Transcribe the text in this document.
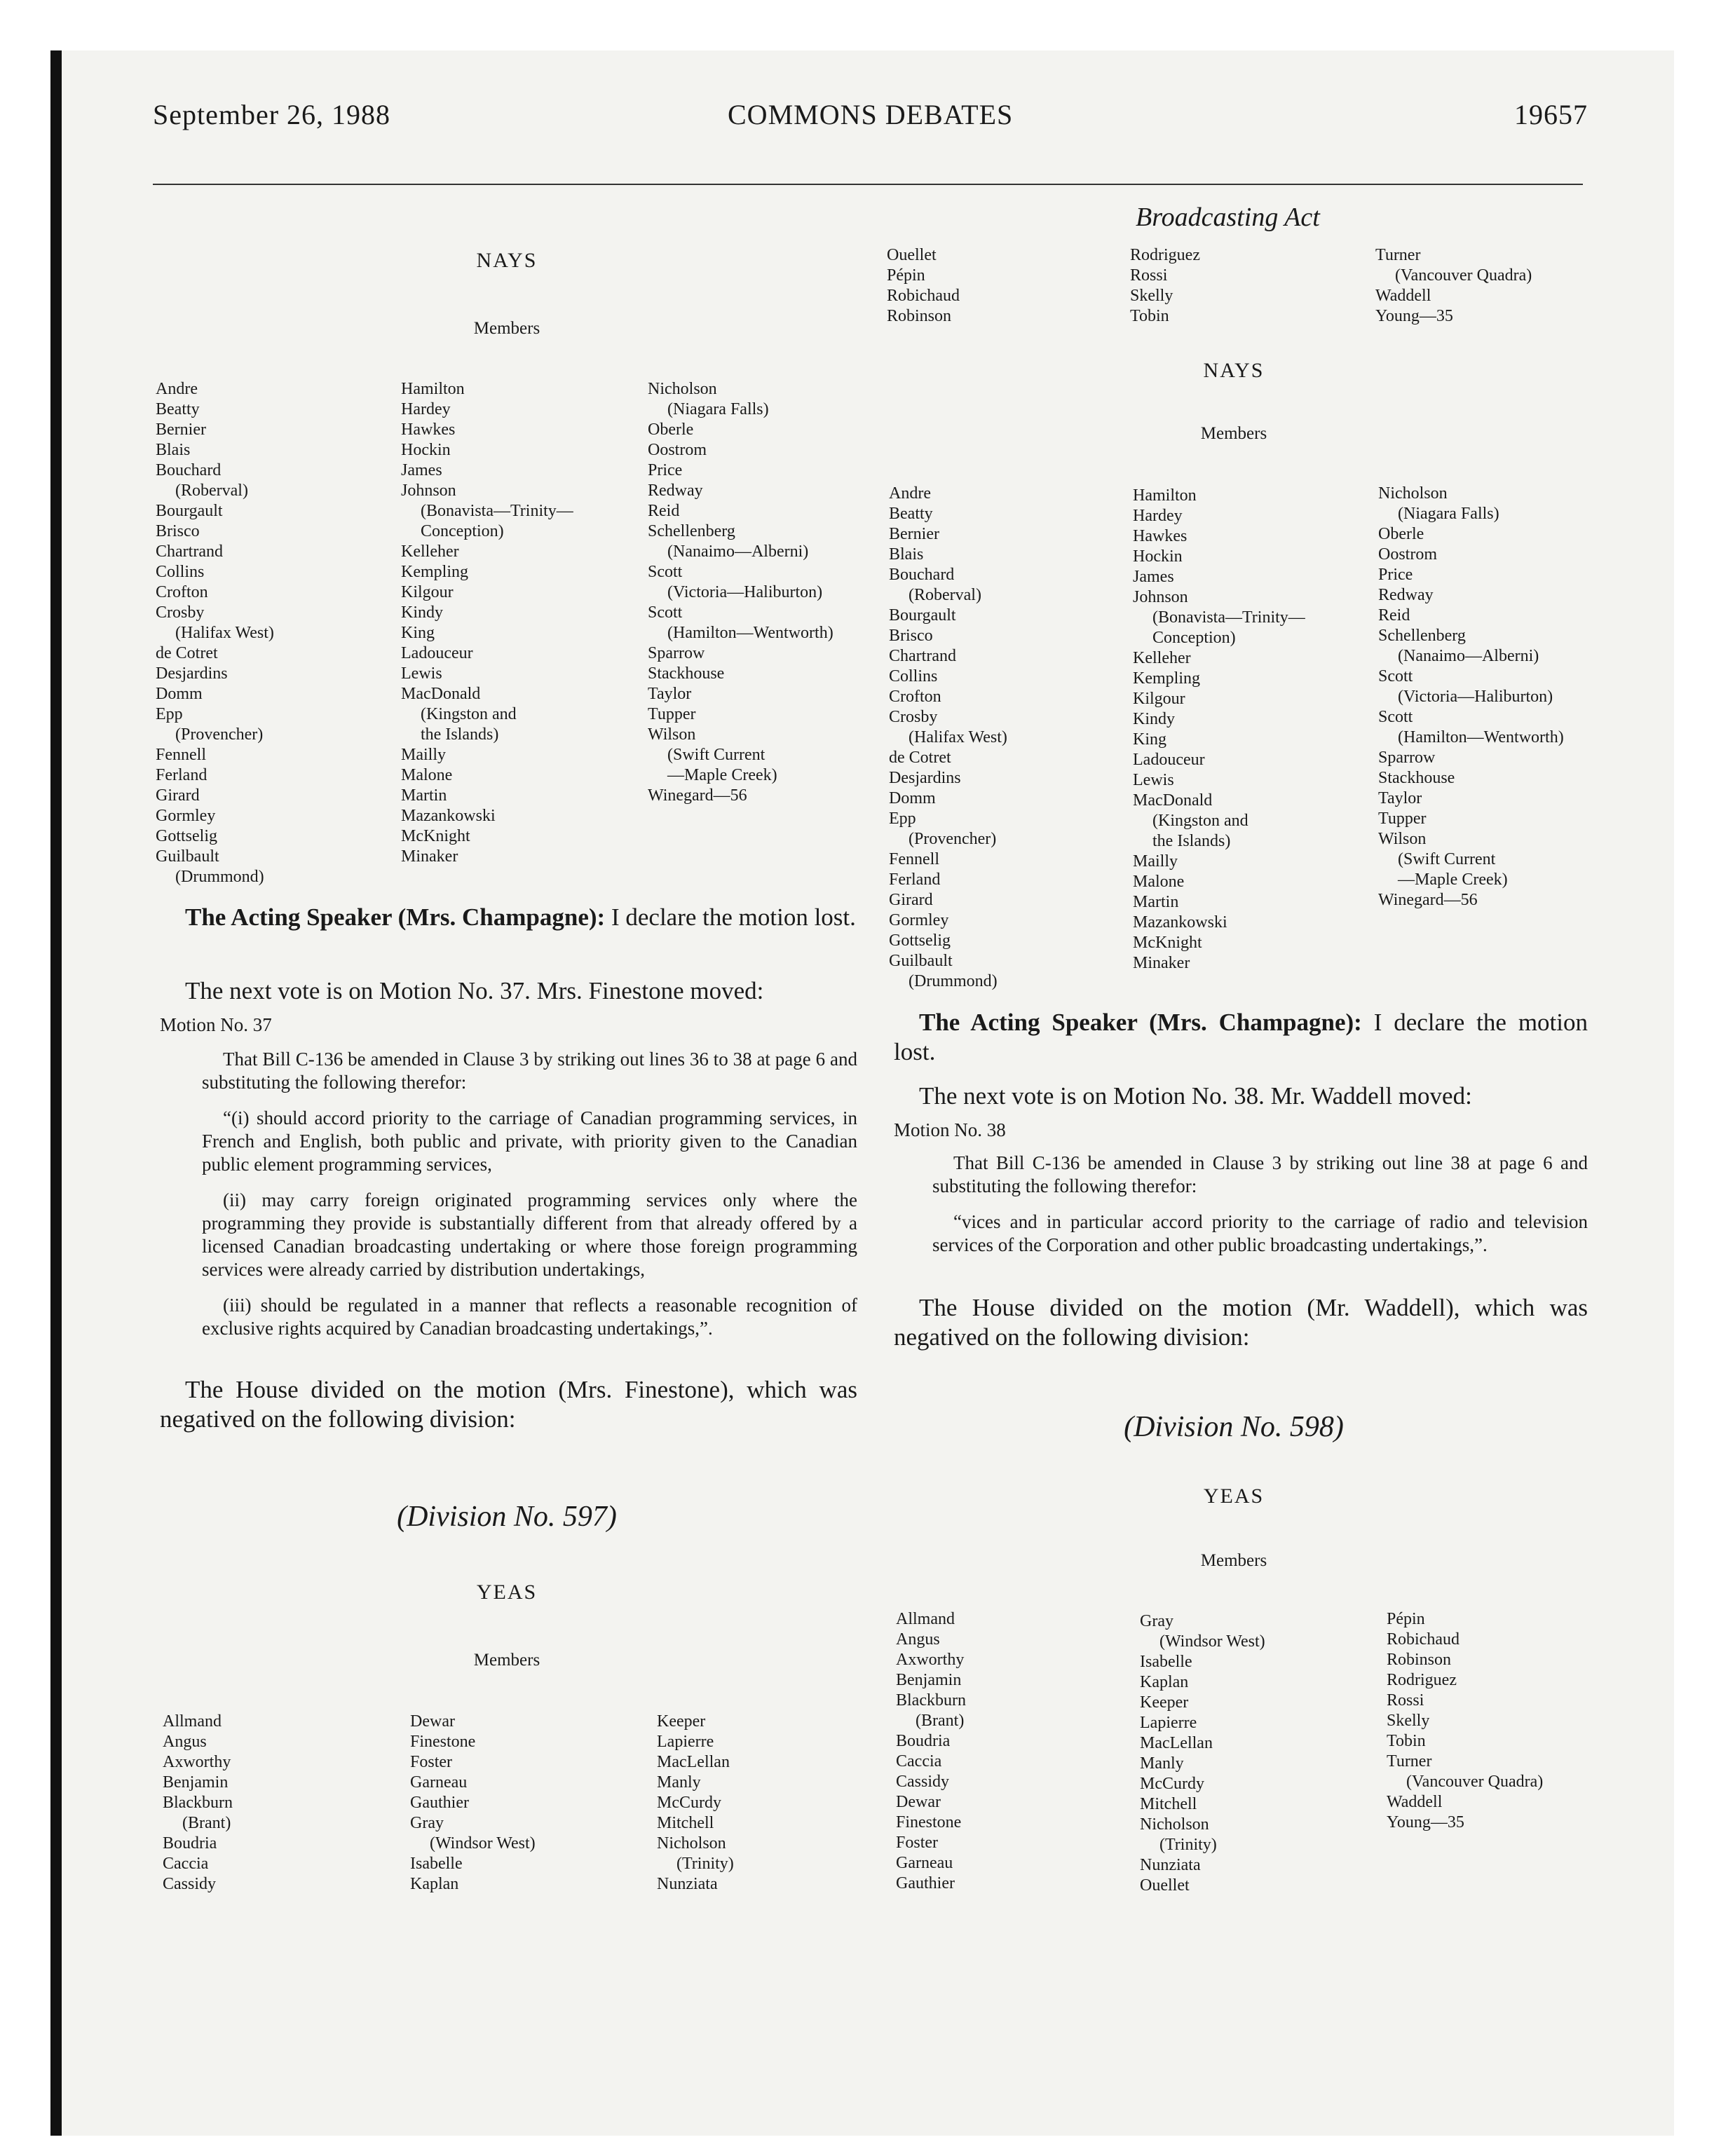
September 26, 1988	COMMONS DEBATES	19657
Broadcasting Act
NAYS
Members
Andre
Beatty
Bernier
Blais
Bouchard
(Roberval)
Bourgault
Brisco
Chartrand
Collins
Crofton
Crosby
(Halifax West)
de Cotret
Desjardins
Domm
Epp
(Provencher)
Fennell
Ferland
Girard
Gormley
Gottselig
Guilbault
(Drummond)
Hamilton
Hardey
Hawkes
Hockin
James
Johnson
(Bonavista—Trinity—
Conception)
Kelleher
Kempling
Kilgour
Kindy
King
Ladouceur
Lewis
MacDonald
(Kingston and
the Islands)
Mailly
Malone
Martin
Mazankowski
McKnight
Minaker
Nicholson
(Niagara Falls)
Oberle
Oostrom
Price
Redway
Reid
Schellenberg
(Nanaimo—Alberni)
Scott
(Victoria—Haliburton)
Scott
(Hamilton—Wentworth)
Sparrow
Stackhouse
Taylor
Tupper
Wilson
(Swift Current
—Maple Creek)
Winegard—56
The Acting Speaker (Mrs. Champagne): I declare the motion lost.
The next vote is on Motion No. 37. Mrs. Finestone moved:
Motion No. 37

That Bill C-136 be amended in Clause 3 by striking out lines 36 to 38 at page 6 and substituting the following therefor:

“(i) should accord priority to the carriage of Canadian programming services, in French and English, both public and private, with priority given to the Canadian public element programming services,

(ii) may carry foreign originated programming services only where the programming they provide is substantially different from that already offered by a licensed Canadian broadcasting undertaking or where those foreign programming services were already carried by distribution undertakings,

(iii) should be regulated in a manner that reflects a reasonable recognition of exclusive rights acquired by Canadian broadcasting undertakings,”.

The House divided on the motion (Mrs. Finestone), which was negatived on the following division:
(Division No. 597)
YEAS
Members
Allmand
Angus
Axworthy
Benjamin
Blackburn
(Brant)
Boudria
Caccia
Cassidy
Dewar
Finestone
Foster
Garneau
Gauthier
Gray
(Windsor West)
Isabelle
Kaplan
Keeper
Lapierre
MacLellan
Manly
McCurdy
Mitchell
Nicholson
(Trinity)
Nunziata
Ouellet
Pépin
Robichaud
Robinson
Rodriguez
Rossi
Skelly
Tobin
Turner
(Vancouver Quadra)
Waddell
Young—35
NAYS
Members
Andre
Beatty
Bernier
Blais
Bouchard
(Roberval)
Bourgault
Brisco
Chartrand
Collins
Crofton
Crosby
(Halifax West)
de Cotret
Desjardins
Domm
Epp
(Provencher)
Fennell
Ferland
Girard
Gormley
Gottselig
Guilbault
(Drummond)
Hamilton
Hardey
Hawkes
Hockin
James
Johnson
(Bonavista—Trinity—
Conception)
Kelleher
Kempling
Kilgour
Kindy
King
Ladouceur
Lewis
MacDonald
(Kingston and
the Islands)
Mailly
Malone
Martin
Mazankowski
McKnight
Minaker
Nicholson
(Niagara Falls)
Oberle
Oostrom
Price
Redway
Reid
Schellenberg
(Nanaimo—Alberni)
Scott
(Victoria—Haliburton)
Scott
(Hamilton—Wentworth)
Sparrow
Stackhouse
Taylor
Tupper
Wilson
(Swift Current
—Maple Creek)
Winegard—56
The Acting Speaker (Mrs. Champagne): I declare the motion lost.
The next vote is on Motion No. 38. Mr. Waddell moved:
Motion No. 38

That Bill C-136 be amended in Clause 3 by striking out line 38 at page 6 and substituting the following therefor:

“vices and in particular accord priority to the carriage of radio and television services of the Corporation and other public broadcasting undertakings,”.

The House divided on the motion (Mr. Waddell), which was negatived on the following division:
(Division No. 598)
YEAS
Members
Allmand
Angus
Axworthy
Benjamin
Blackburn
(Brant)
Boudria
Caccia
Cassidy
Dewar
Finestone
Foster
Garneau
Gauthier
Gray
(Windsor West)
Isabelle
Kaplan
Keeper
Lapierre
MacLellan
Manly
McCurdy
Mitchell
Nicholson
(Trinity)
Nunziata
Ouellet
Pépin
Robichaud
Robinson
Rodriguez
Rossi
Skelly
Tobin
Turner
(Vancouver Quadra)
Waddell
Young—35
